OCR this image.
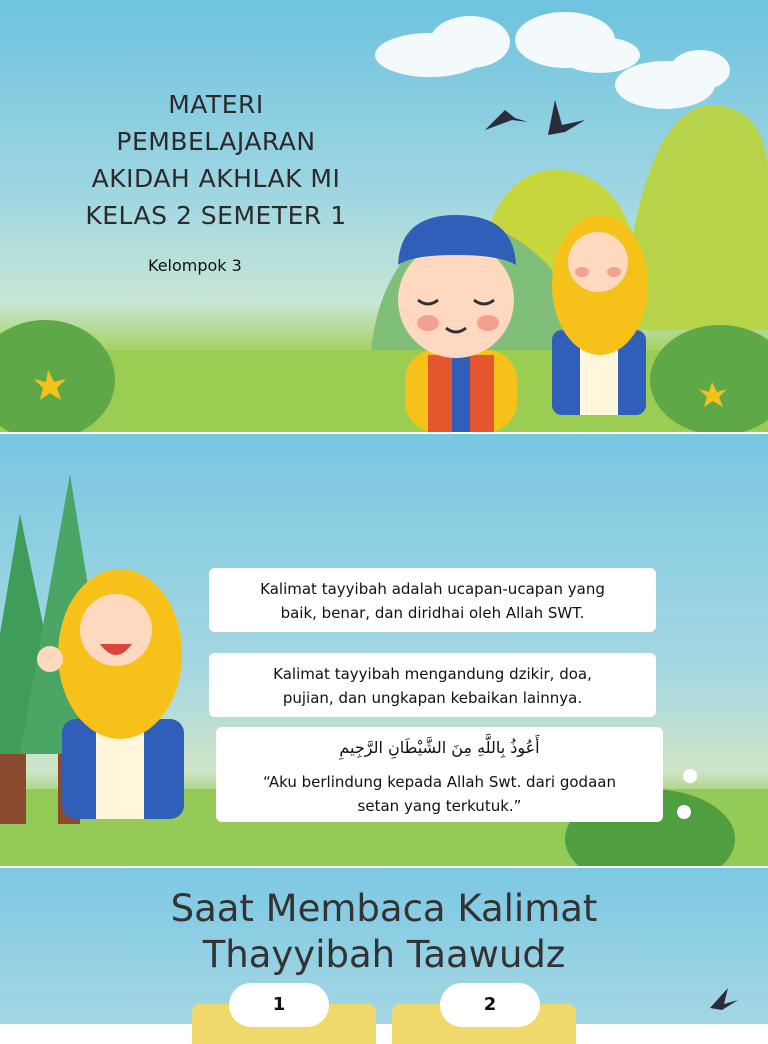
MATERI
PEMBELAJARAN
AKIDAH AKHLAK MI
KELAS 2 SEMETER 1
Kelompok 3
Kalimat tayyibah adalah ucapan-ucapan yang
baik, benar, dan diridhai oleh Allah SWT.
Kalimat tayyibah mengandung dzikir, doa,
pujian, dan ungkapan kebaikan lainnya.
أَعُوذُ بِاللَّهِ مِنَ الشَّيْطَانِ الرَّجِيمِ
“Aku berlindung kepada Allah Swt. dari godaan
setan yang terkutuk.”
Saat Membaca Kalimat
Thayyibah Taawudz
1	2
